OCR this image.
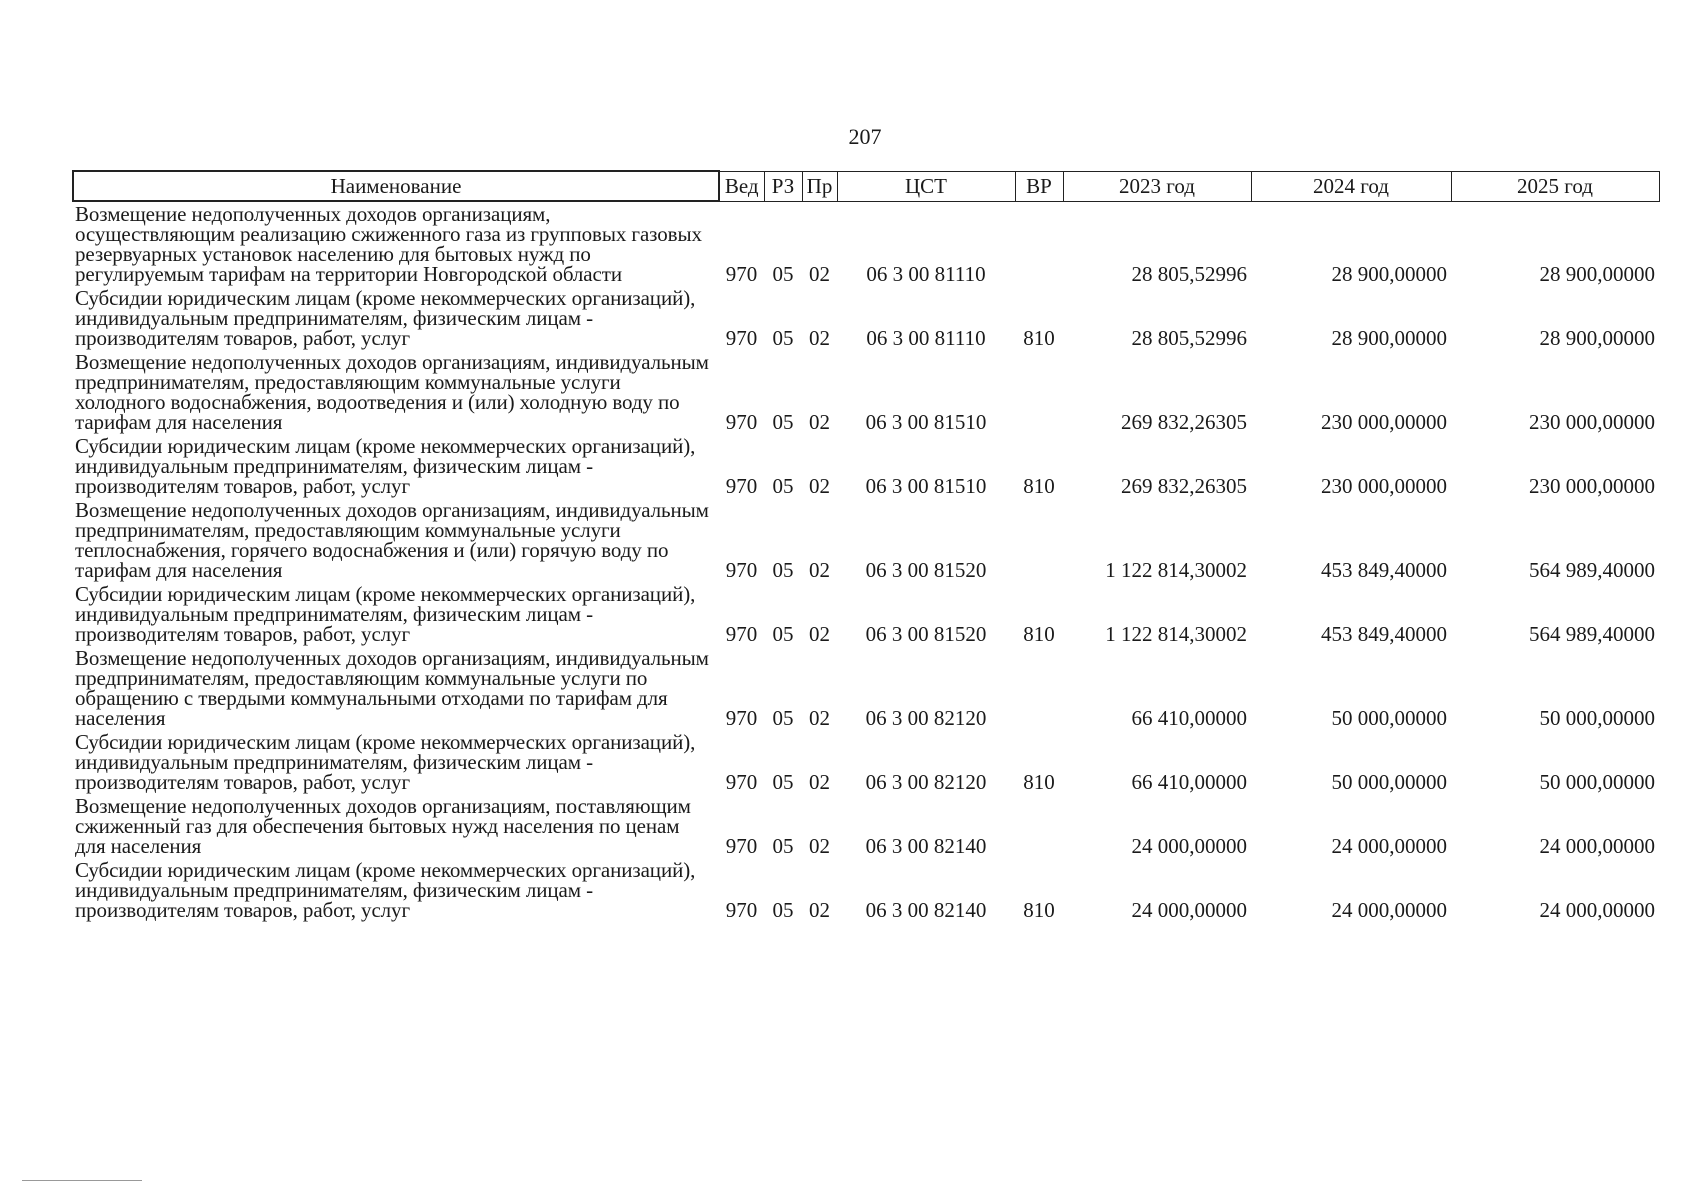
207
Наименование	Вед	РЗ	Пр	ЦСТ	ВР	2023 год	2024 год	2025 год
Возмещение недополученных доходов организациям, осуществляющим реализацию сжиженного газа из групповых газовых резервуарных установок населению для бытовых нужд по регулируемым тарифам на территории Новгородской области	970	05	02	06 3 00 81110		28 805,52996	28 900,00000	28 900,00000
Субсидии юридическим лицам (кроме некоммерческих организаций), индивидуальным предпринимателям, физическим лицам - производителям товаров, работ, услуг	970	05	02	06 3 00 81110	810	28 805,52996	28 900,00000	28 900,00000
Возмещение недополученных доходов организациям, индивидуальным предпринимателям, предоставляющим коммунальные услуги холодного водоснабжения, водоотведения и (или) холодную воду по тарифам для населения	970	05	02	06 3 00 81510		269 832,26305	230 000,00000	230 000,00000
Субсидии юридическим лицам (кроме некоммерческих организаций), индивидуальным предпринимателям, физическим лицам - производителям товаров, работ, услуг	970	05	02	06 3 00 81510	810	269 832,26305	230 000,00000	230 000,00000
Возмещение недополученных доходов организациям, индивидуальным предпринимателям, предоставляющим коммунальные услуги теплоснабжения, горячего водоснабжения и (или) горячую воду по тарифам для населения	970	05	02	06 3 00 81520		1 122 814,30002	453 849,40000	564 989,40000
Субсидии юридическим лицам (кроме некоммерческих организаций), индивидуальным предпринимателям, физическим лицам - производителям товаров, работ, услуг	970	05	02	06 3 00 81520	810	1 122 814,30002	453 849,40000	564 989,40000
Возмещение недополученных доходов организациям, индивидуальным предпринимателям, предоставляющим коммунальные услуги по обращению с твердыми коммунальными отходами по тарифам для населения	970	05	02	06 3 00 82120		66 410,00000	50 000,00000	50 000,00000
Субсидии юридическим лицам (кроме некоммерческих организаций), индивидуальным предпринимателям, физическим лицам - производителям товаров, работ, услуг	970	05	02	06 3 00 82120	810	66 410,00000	50 000,00000	50 000,00000
Возмещение недополученных доходов организациям, поставляющим сжиженный газ для обеспечения бытовых нужд населения по ценам для населения	970	05	02	06 3 00 82140		24 000,00000	24 000,00000	24 000,00000
Субсидии юридическим лицам (кроме некоммерческих организаций), индивидуальным предпринимателям, физическим лицам - производителям товаров, работ, услуг	970	05	02	06 3 00 82140	810	24 000,00000	24 000,00000	24 000,00000
